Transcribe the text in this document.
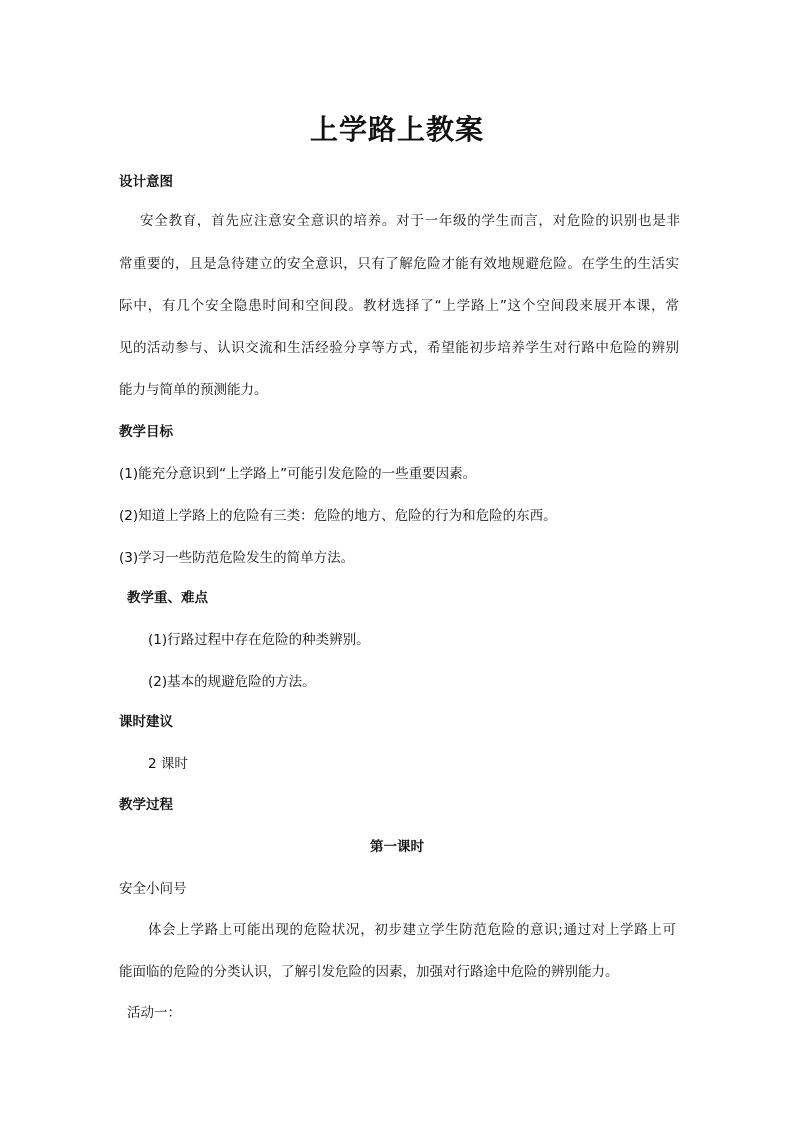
上学路上教案
设计意图
安全教育，首先应注意安全意识的培养。对于一年级的学生而言，对危险的识别也是非
常重要的，且是急待建立的安全意识，只有了解危险才能有效地规避危险。在学生的生活实
际中，有几个安全隐患时间和空间段。教材选择了“上学路上”这个空间段来展开本课，常
见的活动参与、认识交流和生活经验分享等方式，希望能初步培养学生对行路中危险的辨别
能力与简单的预测能力。
教学目标
(1)能充分意识到“上学路上”可能引发危险的一些重要因素。
(2)知道上学路上的危险有三类：危险的地方、危险的行为和危险的东西。
(3)学习一些防范危险发生的简单方法。
教学重、难点
(1)行路过程中存在危险的种类辨别。
(2)基本的规避危险的方法。
课时建议
2 课时
教学过程
第一课时
安全小问号
体会上学路上可能出现的危险状况，初步建立学生防范危险的意识;通过对上学路上可
能面临的危险的分类认识，了解引发危险的因素，加强对行路途中危险的辨别能力。
活动一：
